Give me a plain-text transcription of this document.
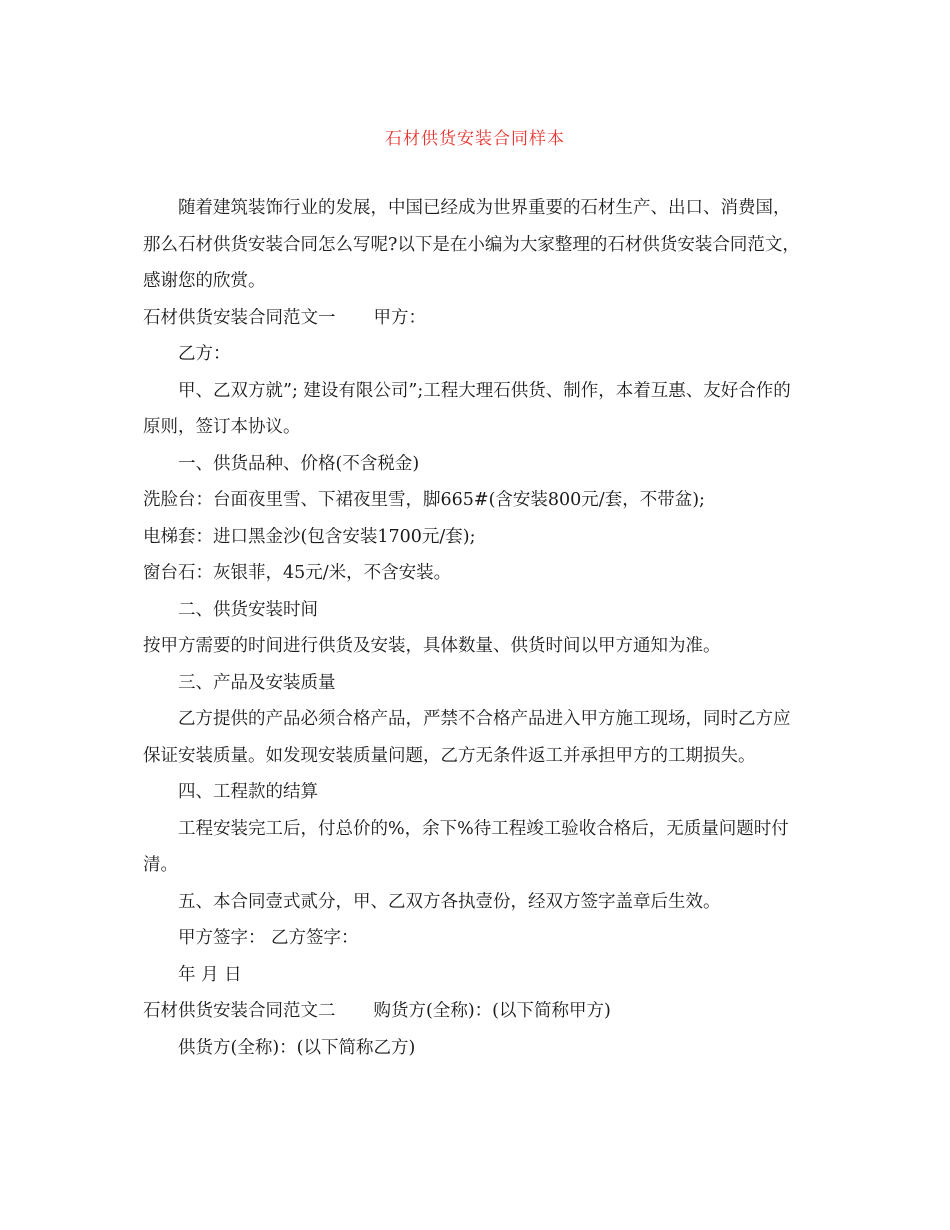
石材供货安装合同样本

随着建筑装饰行业的发展，中国已经成为世界重要的石材生产、出口、消费国，那么石材供货安装合同怎么写呢?以下是在小编为大家整理的石材供货安装合同范文，感谢您的欣赏。

石材供货安装合同范文一 甲方：

乙方：

甲、乙双方就”; 建设有限公司”;工程大理石供货、制作，本着互惠、友好合作的原则，签订本协议。

一、供货品种、价格(不含税金)

洗脸台：台面夜里雪、下裙夜里雪，脚665#(含安装800元/套，不带盆);

电梯套：进口黑金沙(包含安装1700元/套);

窗台石：灰银菲，45元/米，不含安装。

二、供货安装时间

按甲方需要的时间进行供货及安装，具体数量、供货时间以甲方通知为准。

三、产品及安装质量

乙方提供的产品必须合格产品，严禁不合格产品进入甲方施工现场，同时乙方应保证安装质量。如发现安装质量问题，乙方无条件返工并承担甲方的工期损失。

四、工程款的结算

工程安装完工后，付总价的%，余下%待工程竣工验收合格后，无质量问题时付清。

五、本合同壹式贰分，甲、乙双方各执壹份，经双方签字盖章后生效。

甲方签字： 乙方签字：

年 月 日

石材供货安装合同范文二 购货方(全称)：(以下简称甲方)

供货方(全称)：(以下简称乙方)
